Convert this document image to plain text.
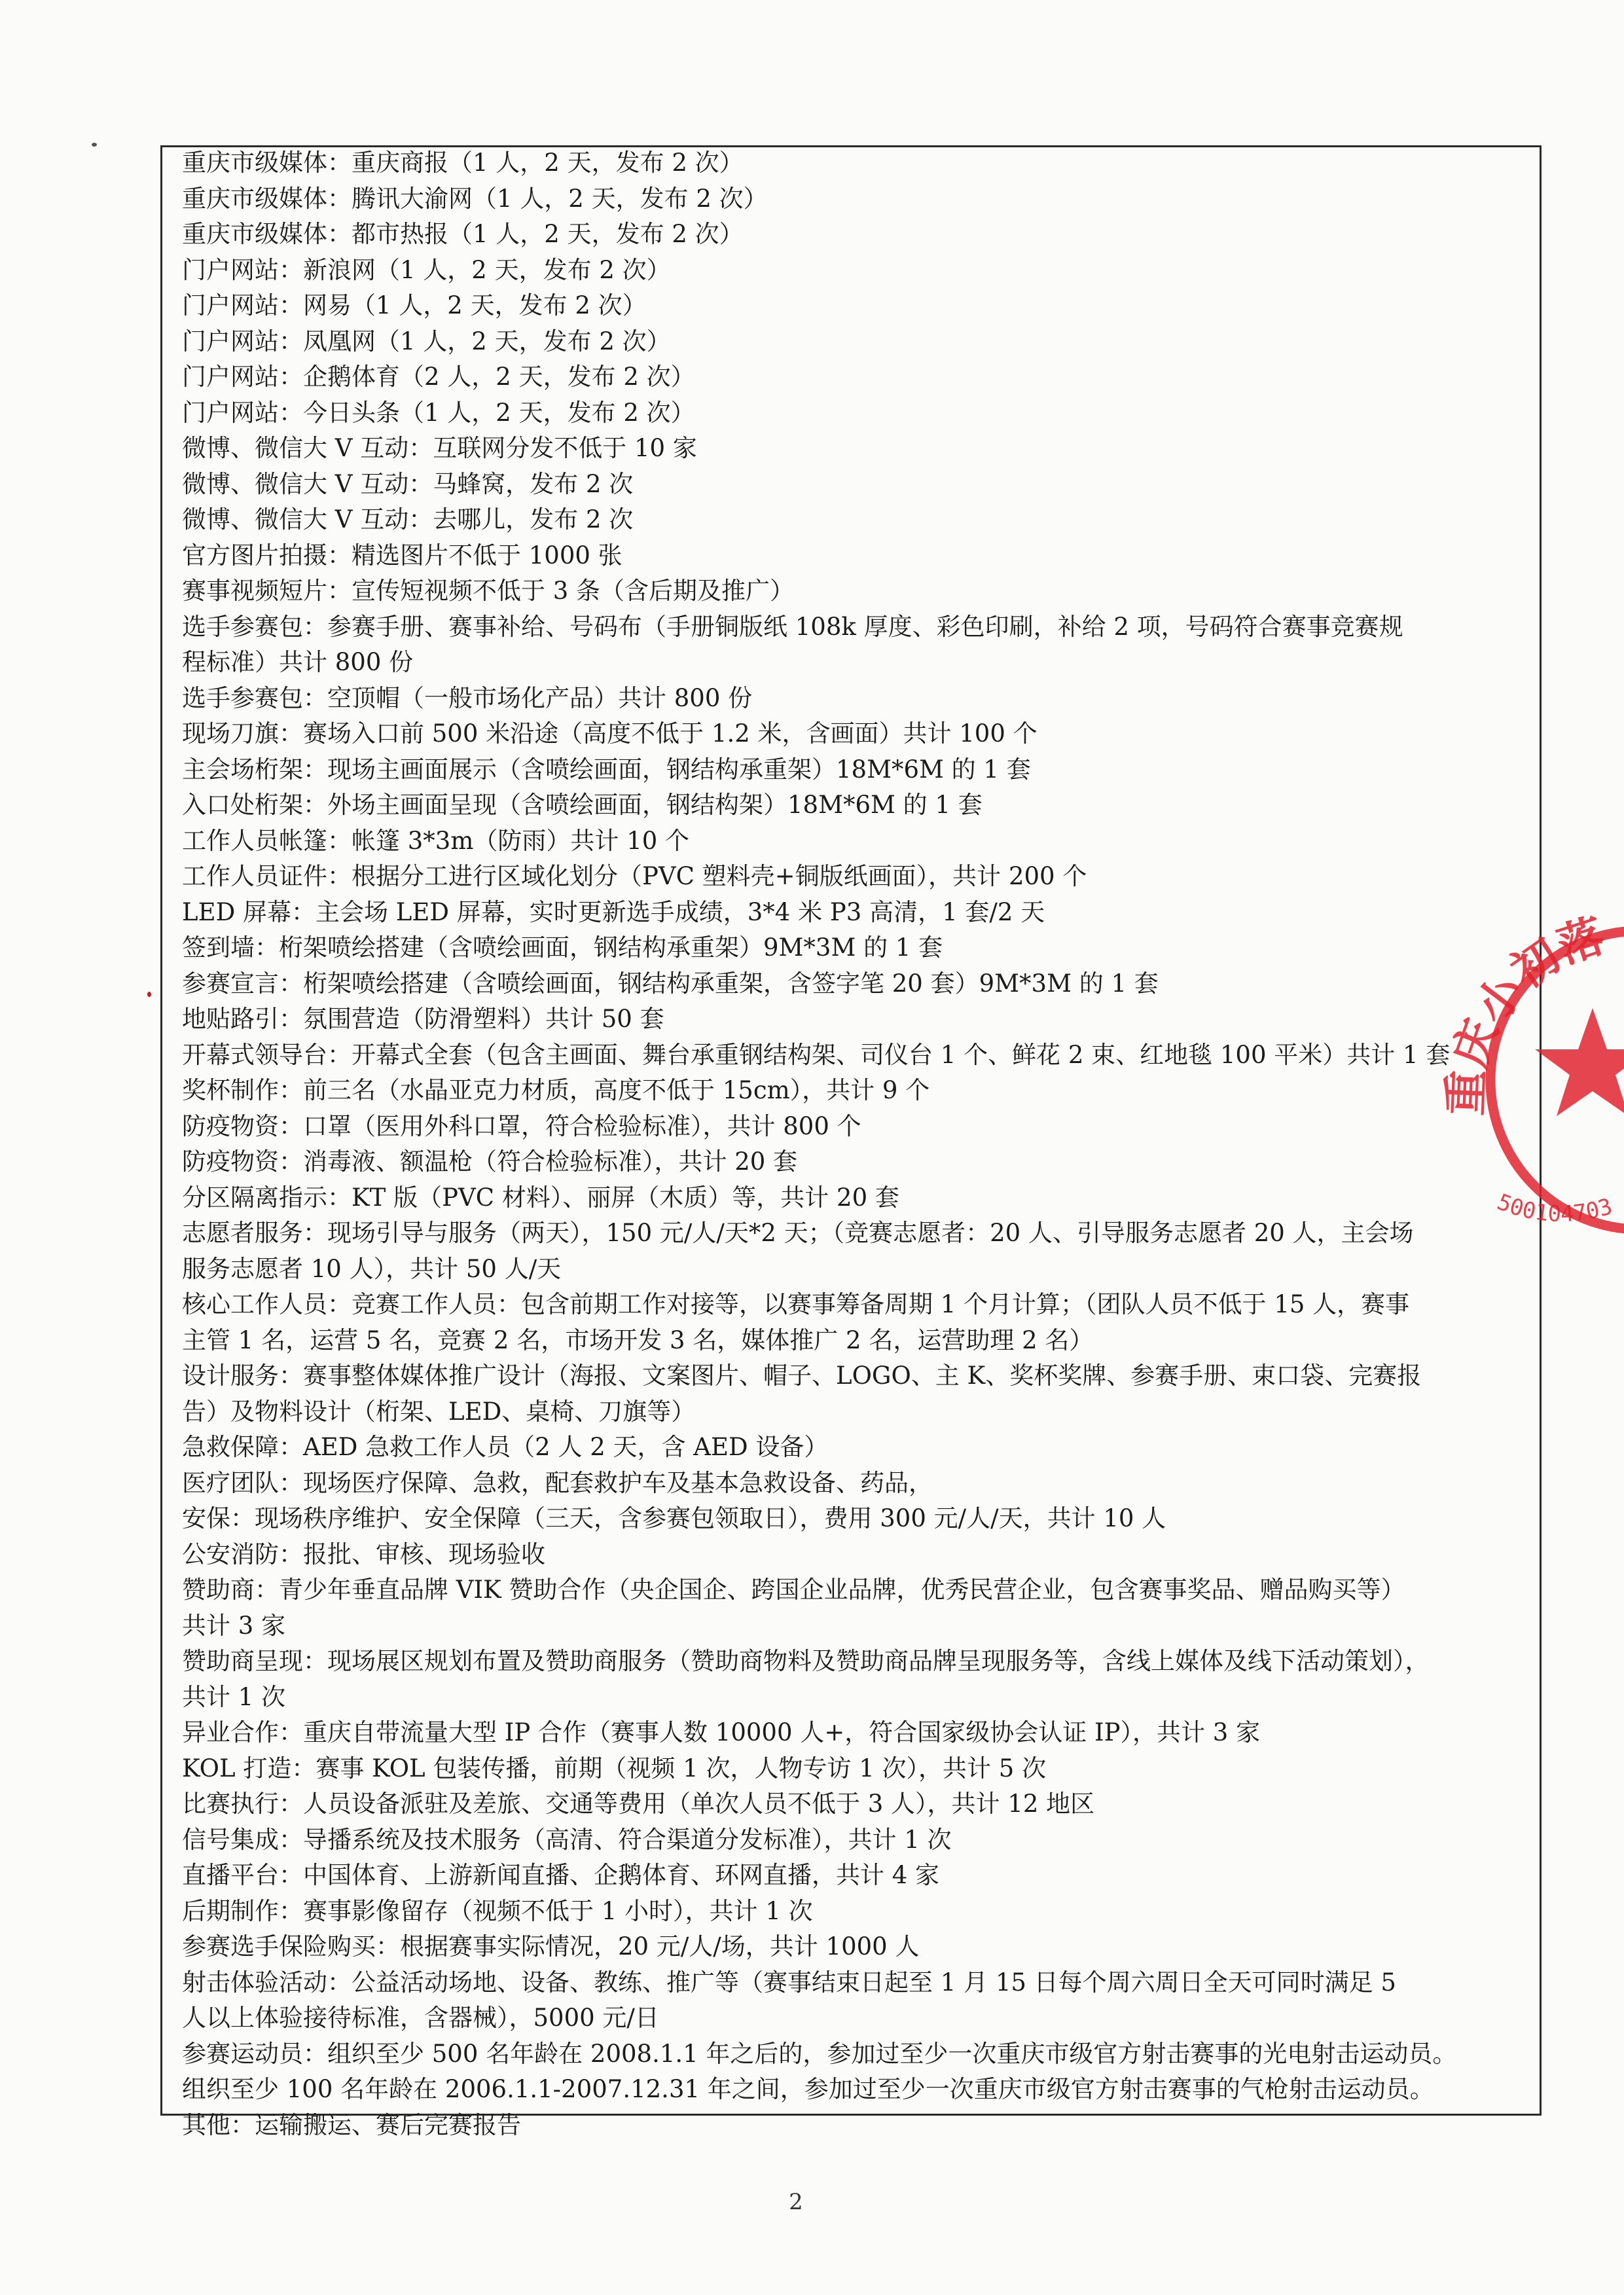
重庆市级媒体：重庆商报（1 人，2 天，发布 2 次）
重庆市级媒体：腾讯大渝网（1 人，2 天，发布 2 次）
重庆市级媒体：都市热报（1 人，2 天，发布 2 次）
门户网站：新浪网（1 人，2 天，发布 2 次）
门户网站：网易（1 人，2 天，发布 2 次）
门户网站：凤凰网（1 人，2 天，发布 2 次）
门户网站：企鹅体育（2 人，2 天，发布 2 次）
门户网站：今日头条（1 人，2 天，发布 2 次）
微博、微信大 V 互动：互联网分发不低于 10 家
微博、微信大 V 互动：马蜂窝，发布 2 次
微博、微信大 V 互动：去哪儿，发布 2 次
官方图片拍摄：精选图片不低于 1000 张
赛事视频短片：宣传短视频不低于 3 条（含后期及推广）
选手参赛包：参赛手册、赛事补给、号码布（手册铜版纸 108k 厚度、彩色印刷，补给 2 项，号码符合赛事竞赛规
程标准）共计 800 份
选手参赛包：空顶帽（一般市场化产品）共计 800 份
现场刀旗：赛场入口前 500 米沿途（高度不低于 1.2 米，含画面）共计 100 个
主会场桁架：现场主画面展示（含喷绘画面，钢结构承重架）18M*6M 的 1 套
入口处桁架：外场主画面呈现（含喷绘画面，钢结构架）18M*6M 的 1 套
工作人员帐篷：帐篷 3*3m（防雨）共计 10 个
工作人员证件：根据分工进行区域化划分（PVC 塑料壳+铜版纸画面），共计 200 个
LED 屏幕：主会场 LED 屏幕，实时更新选手成绩，3*4 米 P3 高清，1 套/2 天
签到墙：桁架喷绘搭建（含喷绘画面，钢结构承重架）9M*3M 的 1 套
参赛宣言：桁架喷绘搭建（含喷绘画面，钢结构承重架，含签字笔 20 套）9M*3M 的 1 套
地贴路引：氛围营造（防滑塑料）共计 50 套
开幕式领导台：开幕式全套（包含主画面、舞台承重钢结构架、司仪台 1 个、鲜花 2 束、红地毯 100 平米）共计 1 套
奖杯制作：前三名（水晶亚克力材质，高度不低于 15cm），共计 9 个
防疫物资：口罩（医用外科口罩，符合检验标准），共计 800 个
防疫物资：消毒液、额温枪（符合检验标准），共计 20 套
分区隔离指示：KT 版（PVC 材料）、丽屏（木质）等，共计 20 套
志愿者服务：现场引导与服务（两天），150 元/人/天*2 天；（竞赛志愿者：20 人、引导服务志愿者 20 人，主会场
服务志愿者 10 人），共计 50 人/天
核心工作人员：竞赛工作人员：包含前期工作对接等，以赛事筹备周期 1 个月计算；（团队人员不低于 15 人，赛事
主管 1 名，运营 5 名，竞赛 2 名，市场开发 3 名，媒体推广 2 名，运营助理 2 名）
设计服务：赛事整体媒体推广设计（海报、文案图片、帽子、LOGO、主 K、奖杯奖牌、参赛手册、束口袋、完赛报
告）及物料设计（桁架、LED、桌椅、刀旗等）
急救保障：AED 急救工作人员（2 人 2 天，含 AED 设备）
医疗团队：现场医疗保障、急救，配套救护车及基本急救设备、药品，
安保：现场秩序维护、安全保障（三天，含参赛包领取日），费用 300 元/人/天，共计 10 人
公安消防：报批、审核、现场验收
赞助商：青少年垂直品牌 VIK 赞助合作（央企国企、跨国企业品牌，优秀民营企业，包含赛事奖品、赠品购买等）
共计 3 家
赞助商呈现：现场展区规划布置及赞助商服务（赞助商物料及赞助商品牌呈现服务等，含线上媒体及线下活动策划），
共计 1 次
异业合作：重庆自带流量大型 IP 合作（赛事人数 10000 人+，符合国家级协会认证 IP），共计 3 家
KOL 打造：赛事 KOL 包装传播，前期（视频 1 次，人物专访 1 次），共计 5 次
比赛执行：人员设备派驻及差旅、交通等费用（单次人员不低于 3 人），共计 12 地区
信号集成：导播系统及技术服务（高清、符合渠道分发标准），共计 1 次
直播平台：中国体育、上游新闻直播、企鹅体育、环网直播，共计 4 家
后期制作：赛事影像留存（视频不低于 1 小时），共计 1 次
参赛选手保险购买：根据赛事实际情况，20 元/人/场，共计 1000 人
射击体验活动：公益活动场地、设备、教练、推广等（赛事结束日起至 1 月 15 日每个周六周日全天可同时满足 5
人以上体验接待标准，含器械），5000 元/日
参赛运动员：组织至少 500 名年龄在 2008.1.1 年之后的，参加过至少一次重庆市级官方射击赛事的光电射击运动员。
组织至少 100 名年龄在 2006.1.1-2007.12.31 年之间，参加过至少一次重庆市级官方射击赛事的气枪射击运动员。
其他：运输搬运、赛后完赛报告
重庆小初落体育文化
500104703
2
